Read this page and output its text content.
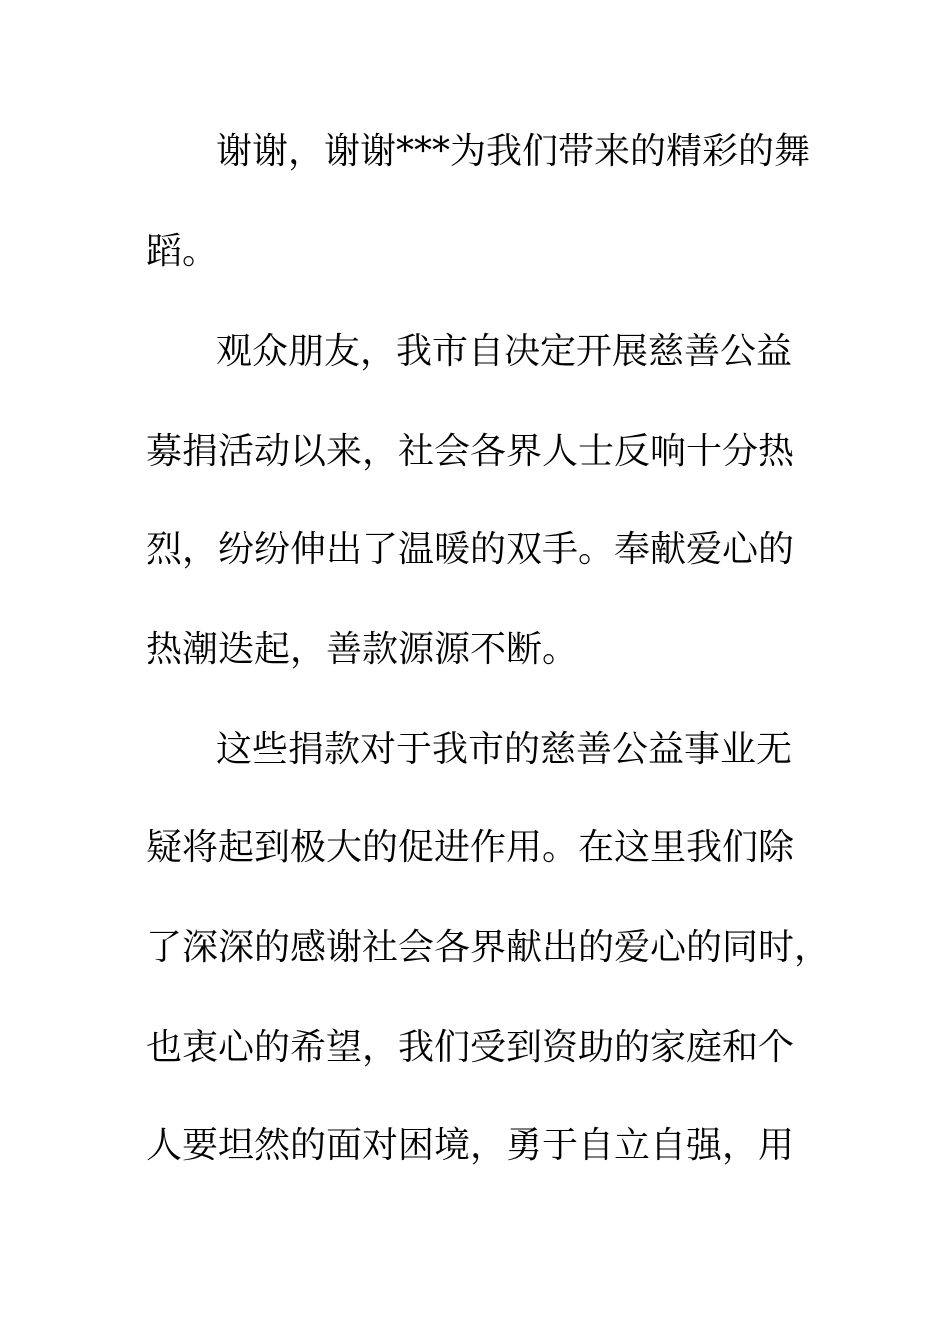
谢谢，谢谢***为我们带来的精彩的舞
蹈。
观众朋友，我市自决定开展慈善公益
募捐活动以来，社会各界人士反响十分热
烈，纷纷伸出了温暖的双手。奉献爱心的
热潮迭起，善款源源不断。
这些捐款对于我市的慈善公益事业无
疑将起到极大的促进作用。在这里我们除
了深深的感谢社会各界献出的爱心的同时，
也衷心的希望，我们受到资助的家庭和个
人要坦然的面对困境，勇于自立自强，用
